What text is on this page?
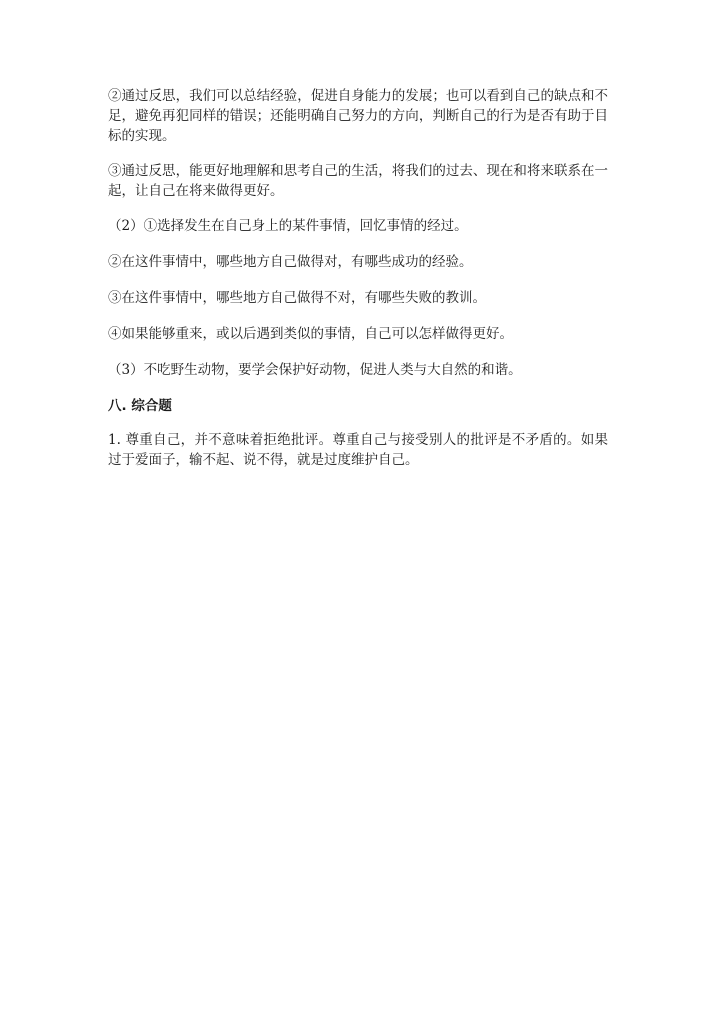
②通过反思，我们可以总结经验，促进自身能力的发展；也可以看到自己的缺点和不足，避免再犯同样的错误；还能明确自己努力的方向，判断自己的行为是否有助于目标的实现。

③通过反思，能更好地理解和思考自己的生活，将我们的过去、现在和将来联系在一起，让自己在将来做得更好。

（2）①选择发生在自己身上的某件事情，回忆事情的经过。

②在这件事情中，哪些地方自己做得对，有哪些成功的经验。

③在这件事情中，哪些地方自己做得不对，有哪些失败的教训。

④如果能够重来，或以后遇到类似的事情，自己可以怎样做得更好。

（3）不吃野生动物，要学会保护好动物，促进人类与大自然的和谐。

八. 综合题

1. 尊重自己，并不意味着拒绝批评。尊重自己与接受别人的批评是不矛盾的。如果过于爱面子，输不起、说不得，就是过度维护自己。
